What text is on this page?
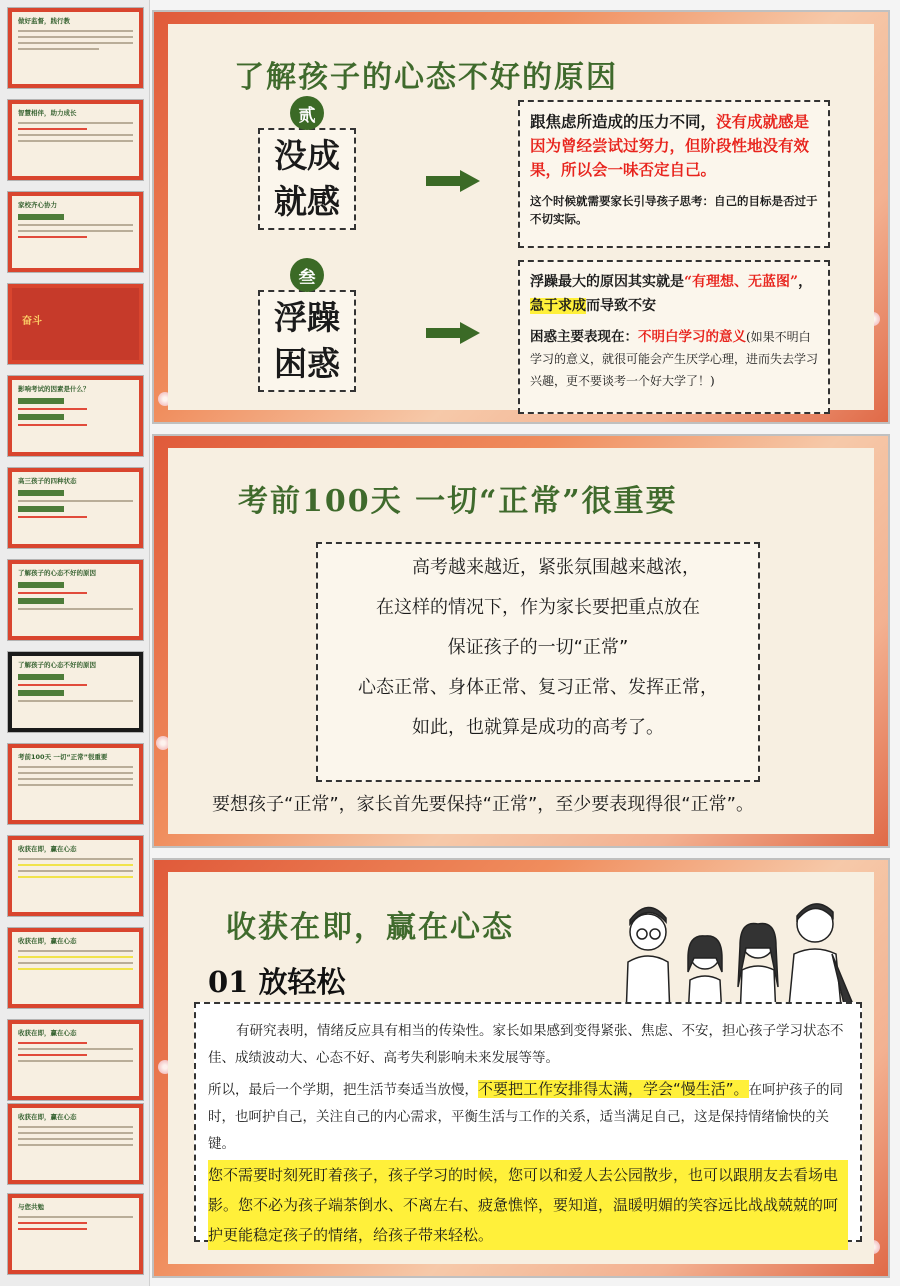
做好监督，践行教
智慧相伴，助力成长
家校齐心协力
奋斗
影响考试的因素是什么？
高三孩子的四种状态
了解孩子的心态不好的原因
了解孩子的心态不好的原因
考前100天 一切“正常”很重要
收获在即，赢在心态
收获在即，赢在心态
收获在即，赢在心态
收获在即，赢在心态
与您共勉
了解孩子的心态不好的原因
没成
就感
贰	跟焦虑所造成的压力不同，没有成就感是因为曾经尝试过努力，但阶段性地没有效果，所以会一味否定自己。
这个时候就需要家长引导孩子思考：自己的目标是否过于不切实际。
浮躁
困惑
叁	浮躁最大的原因其实就是“有理想、无蓝图”，急于求成而导致不安
困惑主要表现在：不明白学习的意义(如果不明白学习的意义，就很可能会产生厌学心理，进而失去学习兴趣，更不要谈考一个好大学了！)
考前100天 一切“正常”很重要

高考越来越近，紧张氛围越来越浓，

在这样的情况下，作为家长要把重点放在

保证孩子的一切“正常”

心态正常、身体正常、复习正常、发挥正常，

如此，也就算是成功的高考了。

要想孩子“正常”，家长首先要保持“正常”，至少要表现得很“正常”。
收获在即，赢在心态
01 放轻松

有研究表明，情绪反应具有相当的传染性。家长如果感到变得紧张、焦虑、不安，担心孩子学习状态不佳、成绩波动大、心态不好、高考失利影响未来发展等等。

所以，最后一个学期，把生活节奏适当放慢，不要把工作安排得太满，学会“慢生活”。在呵护孩子的同时，也呵护自己，关注自己的内心需求，平衡生活与工作的关系，适当满足自己，这是保持情绪愉快的关键。
您不需要时刻死盯着孩子，孩子学习的时候，您可以和爱人去公园散步，也可以跟朋友去看场电影。您不必为孩子端茶倒水、不离左右、疲惫憔悴，要知道，温暖明媚的笑容远比战战兢兢的呵护更能稳定孩子的情绪，给孩子带来轻松。
